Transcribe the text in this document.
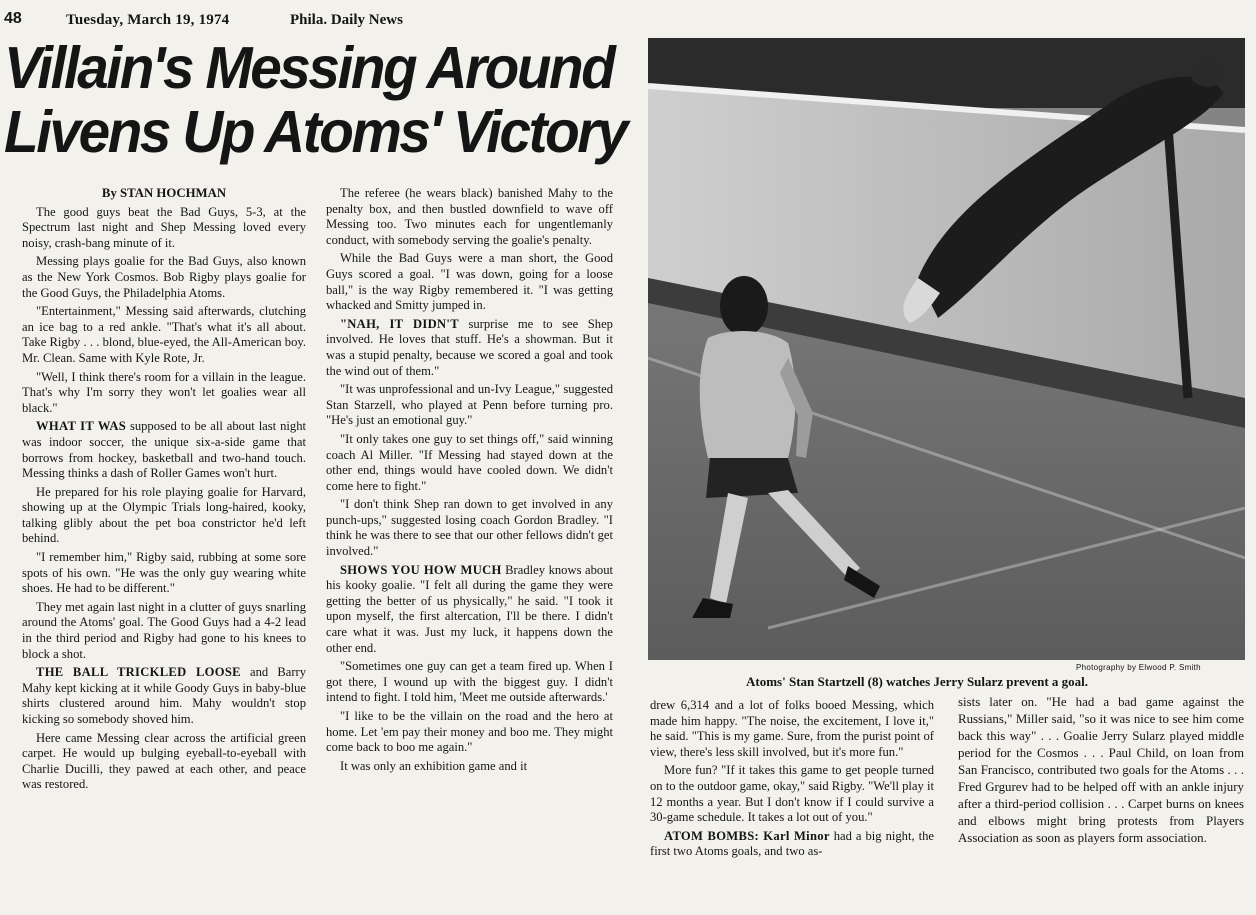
48	Tuesday, March 19, 1974	Phila. Daily News
Villain's Messing Around
Livens Up Atoms' Victory

By STAN HOCHMAN

The good guys beat the Bad Guys, 5-3, at the Spectrum last night and Shep Messing loved every noisy, crash-bang minute of it.

Messing plays goalie for the Bad Guys, also known as the New York Cosmos. Bob Rigby plays goalie for the Good Guys, the Philadelphia Atoms.

"Entertainment," Messing said afterwards, clutching an ice bag to a red ankle. "That's what it's all about. Take Rigby . . . blond, blue-eyed, the All-American boy. Mr. Clean. Same with Kyle Rote, Jr.

"Well, I think there's room for a villain in the league. That's why I'm sorry they won't let goalies wear all black."

WHAT IT WAS supposed to be all about last night was indoor soccer, the unique six-a-side game that borrows from hockey, basketball and two-hand touch. Messing thinks a dash of Roller Games won't hurt.

He prepared for his role playing goalie for Harvard, showing up at the Olympic Trials long-haired, kooky, talking glibly about the pet boa constrictor he'd left behind.

"I remember him," Rigby said, rubbing at some sore spots of his own. "He was the only guy wearing white shoes. He had to be different."

They met again last night in a clutter of guys snarling around the Atoms' goal. The Good Guys had a 4-2 lead in the third period and Rigby had gone to his knees to block a shot.

THE BALL TRICKLED LOOSE and Barry Mahy kept kicking at it while Goody Guys in baby-blue shirts clustered around him. Mahy wouldn't stop kicking so somebody shoved him.

Here came Messing clear across the artificial green carpet. He would up bulging eyeball-to-eyeball with Charlie Ducilli, they pawed at each other, and peace was restored.

The referee (he wears black) banished Mahy to the penalty box, and then bustled downfield to wave off Messing too. Two minutes each for ungentlemanly conduct, with somebody serving the goalie's penalty.

While the Bad Guys were a man short, the Good Guys scored a goal. "I was down, going for a loose ball," is the way Rigby remembered it. "I was getting whacked and Smitty jumped in.

"NAH, IT DIDN'T surprise me to see Shep involved. He loves that stuff. He's a showman. But it was a stupid penalty, because we scored a goal and took the wind out of them."

"It was unprofessional and un-Ivy League," suggested Stan Starzell, who played at Penn before turning pro. "He's just an emotional guy."

"It only takes one guy to set things off," said winning coach Al Miller. "If Messing had stayed down at the other end, things would have cooled down. We didn't come here to fight."

"I don't think Shep ran down to get involved in any punch-ups," suggested losing coach Gordon Bradley. "I think he was there to see that our other fellows didn't get involved."

SHOWS YOU HOW MUCH Bradley knows about his kooky goalie. "I felt all during the game they were getting the better of us physically," he said. "I took it upon myself, the first altercation, I'll be there. I didn't care what it was. Just my luck, it happens down the other end.

"Sometimes one guy can get a team fired up. When I got there, I wound up with the biggest guy. I didn't intend to fight. I told him, 'Meet me outside afterwards.'

"I like to be the villain on the road and the hero at home. Let 'em pay their money and boo me. They might come back to boo me again."

It was only an exhibition game and it

Photography by Elwood P. Smith
Atoms' Stan Startzell (8) watches Jerry Sularz prevent a goal.

drew 6,314 and a lot of folks booed Messing, which made him happy. "The noise, the excitement, I love it," he said. "This is my game. Sure, from the purist point of view, there's less skill involved, but it's more fun."

More fun? "If it takes this game to get people turned on to the outdoor game, okay," said Rigby. "We'll play it 12 months a year. But I don't know if I could survive a 30-game schedule. It takes a lot out of you."

ATOM BOMBS: Karl Minor had a big night, the first two Atoms goals, and two as-

sists later on. "He had a bad game against the Russians," Miller said, "so it was nice to see him come back this way" . . . Goalie Jerry Sularz played middle period for the Cosmos . . . Paul Child, on loan from San Francisco, contributed two goals for the Atoms . . . Fred Grgurev had to be helped off with an ankle injury after a third-period collision . . . Carpet burns on knees and elbows might bring protests from Players Association as soon as players form association.
